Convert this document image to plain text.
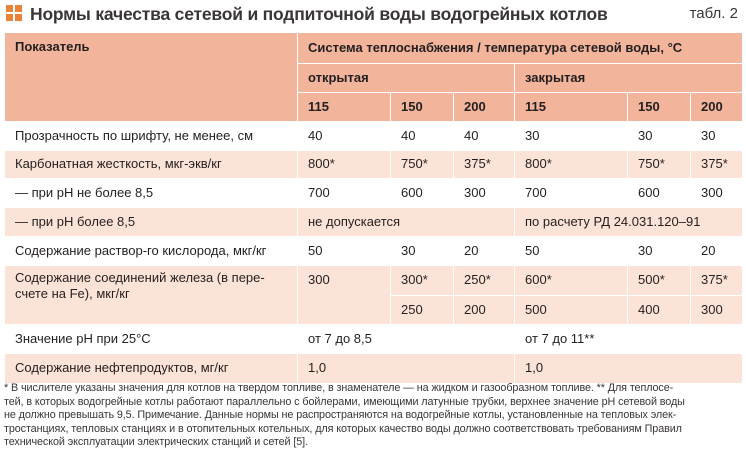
Нормы качества сетевой и подпиточной воды водогрейных котлов	табл. 2
Показатель	Система теплоснабжения / температура сетевой воды, °С					
	открытая			закрытая		
	115	150	200	115	150	200
Прозрачность по шрифту, не менее, см	40	40	40	30	30	30
Карбонатная жесткость, мкг-экв/кг	800*	750*	375*	800*	750*	375*
— при pH не более 8,5	700	600	300	700	600	300
— при pH более 8,5	не допускается			по расчету РД 24.031.120–91		
Содержание раствор-го кислорода, мкг/кг	50	30	20	50	30	20
Содержание соединений железа (в пере-счете на Fe), мкг/кг	300	300*	250*	600*	500*	375*
		250	200	500	400	300
Значение pH при 25°С	от 7 до 8,5			от 7 до 11**		
Содержание нефтепродуктов, мг/кг	1,0			1,0		
* В числителе указаны значения для котлов на твердом топливе, в знаменателе — на жидком и газообразном топливе. ** Для теплосе-
тей, в которых водогрейные котлы работают параллельно с бойлерами, имеющими латунные трубки, верхнее значение pH сетевой воды
не должно превышать 9,5. Примечание. Данные нормы не распространяются на водогрейные котлы, установленные на тепловых элек-
тростанциях, тепловых станциях и в отопительных котельных, для которых качество воды должно соответствовать требованиям Правил
технической эксплуатации электрических станций и сетей [5].
